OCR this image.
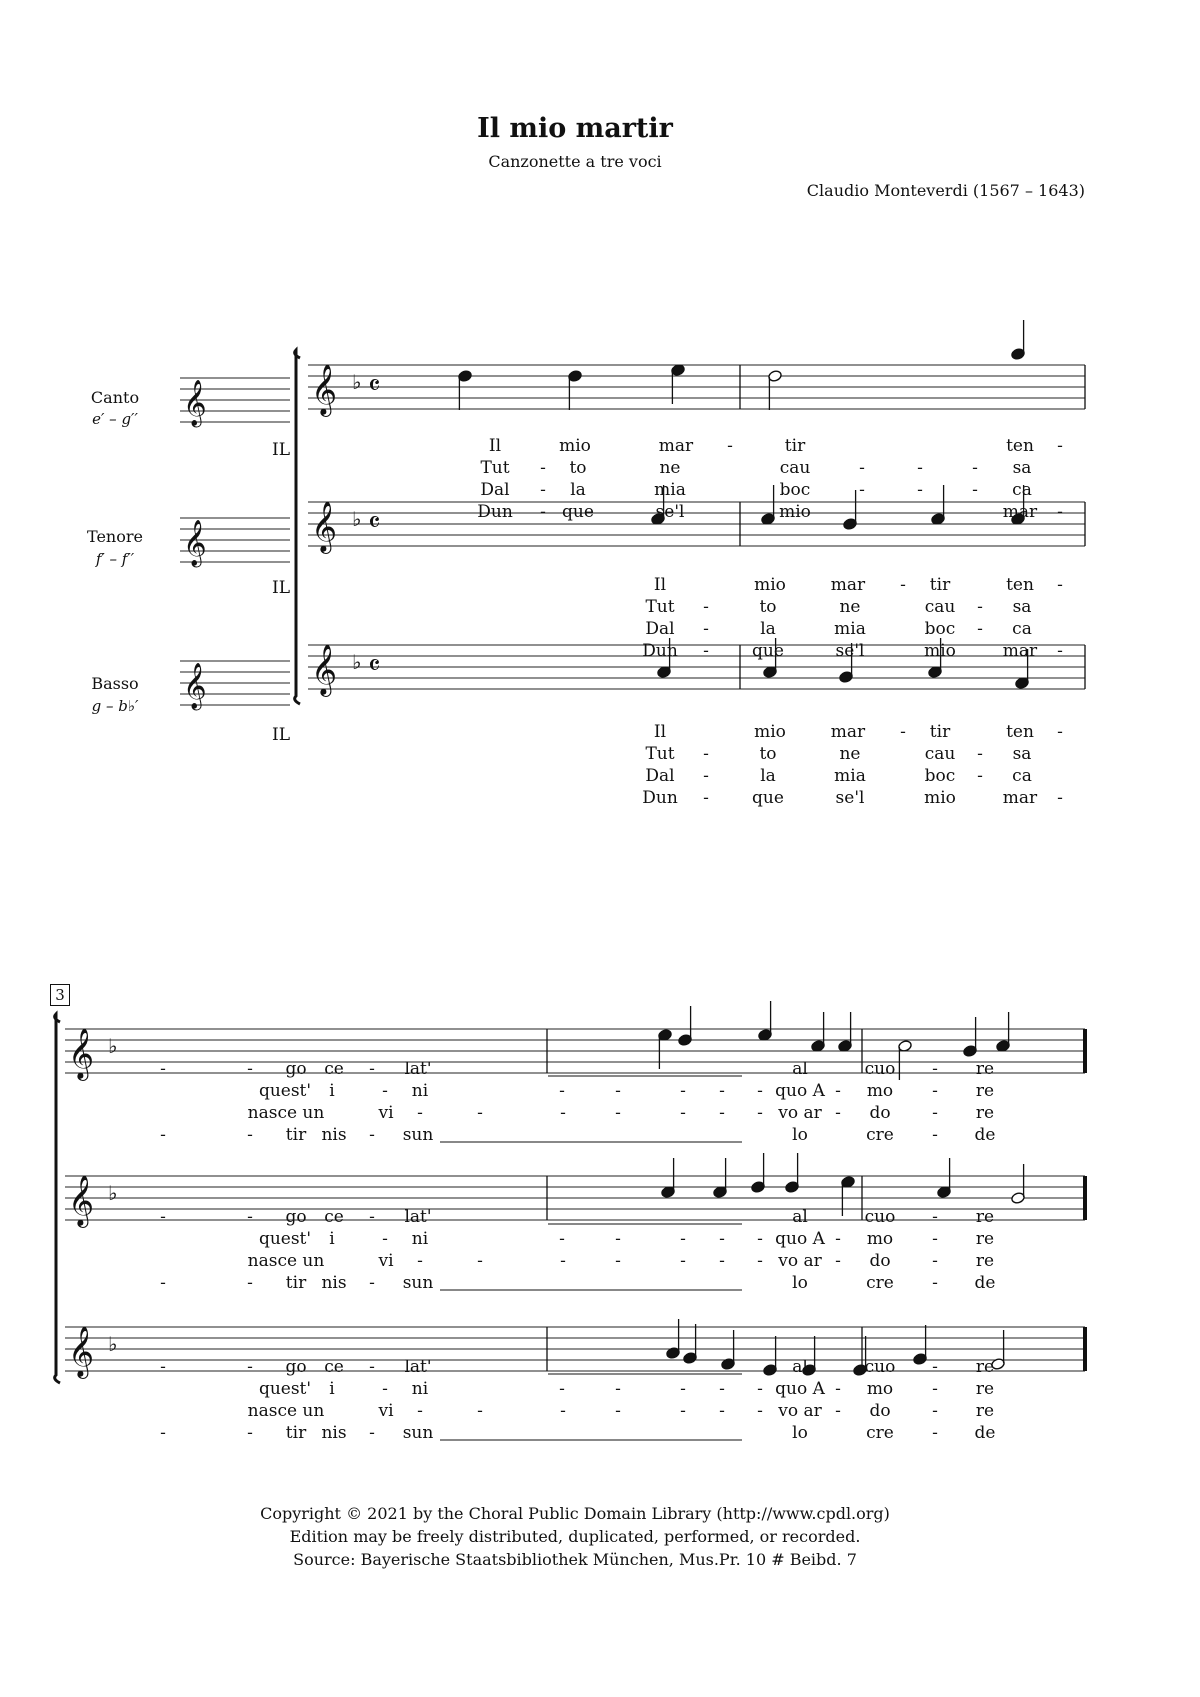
Il mio martir
Canzonette a tre voci
Claudio Monteverdi (1567 – 1643)
Canto
e′ – g′′
Tenore
f′ – f′′
Basso
g – b♭′
IL
IL
IL
3
Copyright © 2021 by the Choral Public Domain Library (http://www.cpdl.org)
Edition may be freely distributed, duplicated, performed, or recorded.
Source: Bayerische Staatsbibliothek München, Mus.Pr. 10 # Beibd. 7
𝄞
𝄞
𝄞
𝄞 ♭ 𝄴
𝄞 ♭ 𝄴
𝄞 ♭ 𝄴
𝄞 ♭
𝄞 ♭
𝄞 ♭
Il	mio	mar -	tir	ten -
Tut - to	ne	cau	-	-	- sa
Dal - la	mia	boc	-	-	- ca
Dun - que	se'l	mio	mar -
Il	mio	mar - tir	ten -
Tut -	to	ne	cau - sa
Dal -	la	mia	boc - ca
Dun -	que	se'l	mio	mar -
Il	mio	mar - tir	ten -
Tut -	to	ne	cau - sa
Dal -	la	mia	boc - ca
Dun -	que	se'l	mio	mar -
-	- go ce - lat'	al	cuo - re
quest' i	- ni	-	-	- - - quo A - mo - re
nasce un	vi -	-	-	-	- - - vo ar - do - re
-	- tir nis - sun	lo	cre - de
-	- go ce - lat'	al	cuo - re
quest' i	- ni	-	-	- - - quo A - mo - re
nasce un	vi -	-	-	-	- - - vo ar - do - re
-	- tir nis - sun	lo	cre - de
-	- go ce - lat'	al	cuo - re
quest' i	- ni	-	-	- - - quo A - mo - re
nasce un	vi -	-	-	-	- - - vo ar - do - re
-	- tir nis - sun	lo	cre - de
